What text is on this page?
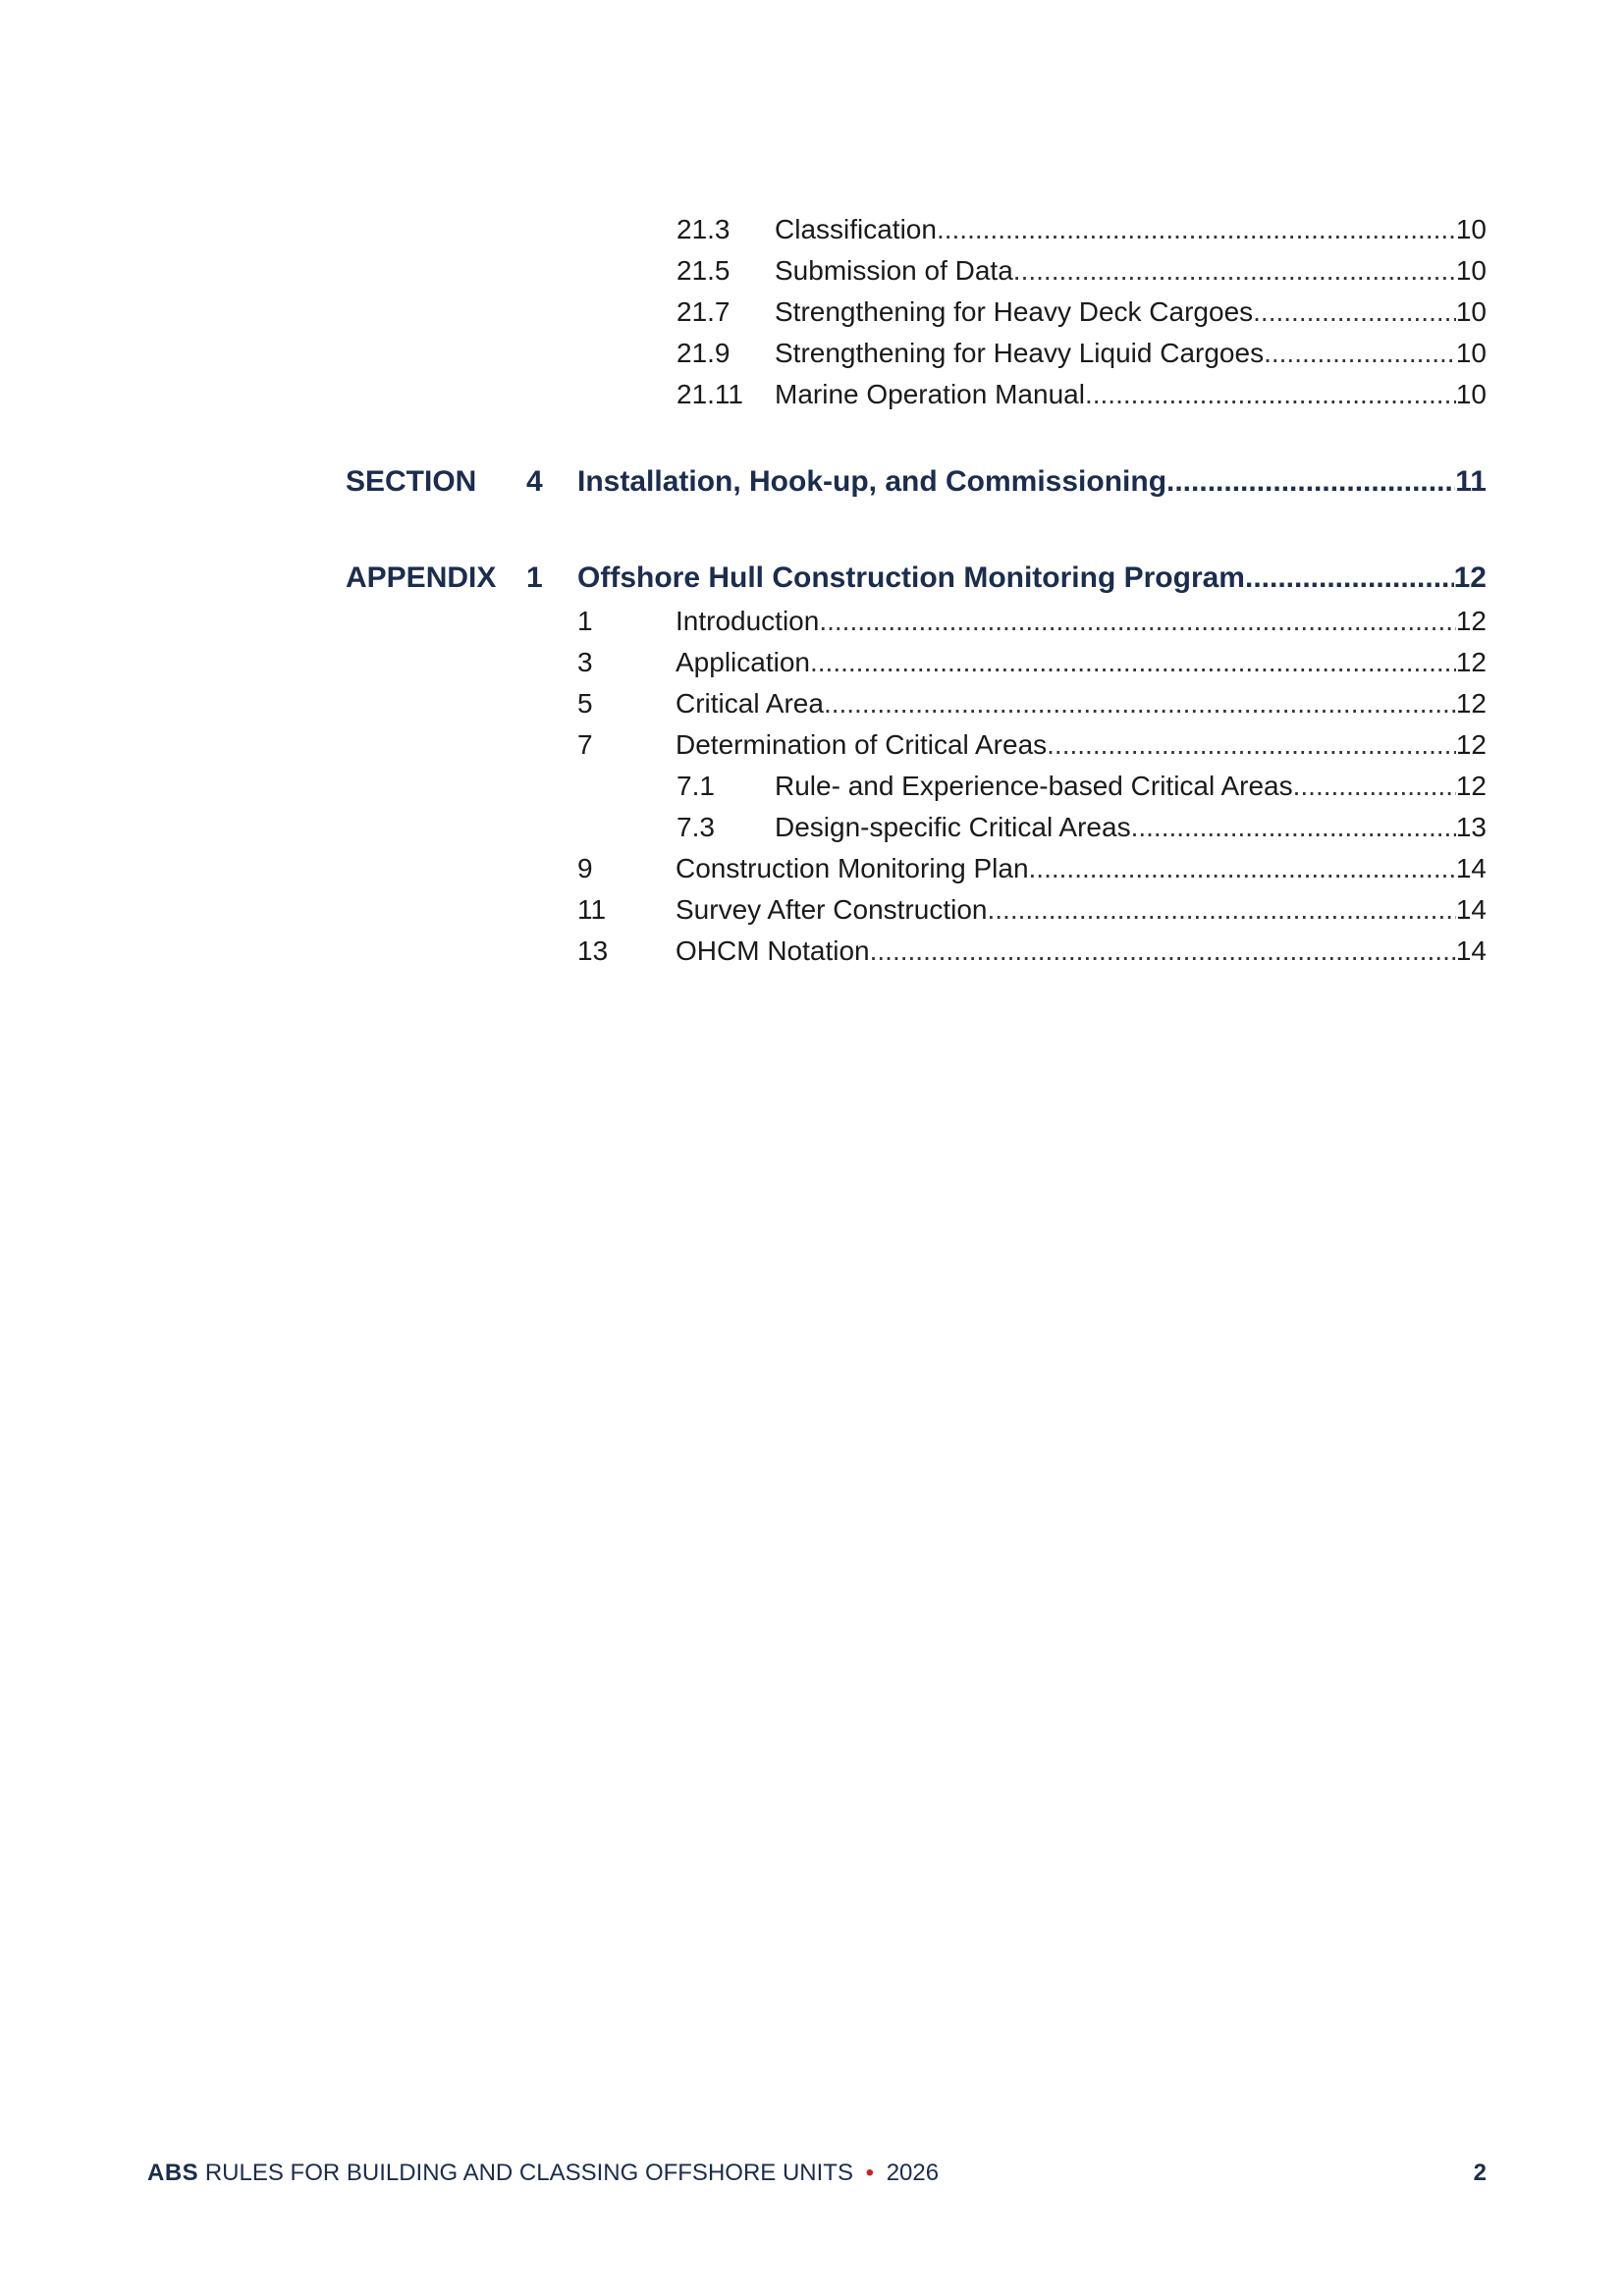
21.3	Classification .....	10
21.5	Submission of Data .....	10
21.7	Strengthening for Heavy Deck Cargoes .....	10
21.9	Strengthening for Heavy Liquid Cargoes .....	10
21.11	Marine Operation Manual .....	10
SECTION	4	Installation, Hook-up, and Commissioning .....	11
APPENDIX	1	Offshore Hull Construction Monitoring Program .....	12
1	Introduction .....	12
3	Application .....	12
5	Critical Area .....	12
7	Determination of Critical Areas .....	12
7.1	Rule- and Experience-based Critical Areas .....	12
7.3	Design-specific Critical Areas .....	13
9	Construction Monitoring Plan .....	14
11	Survey After Construction .....	14
13	OHCM Notation .....	14
ABS RULES FOR BUILDING AND CLASSING OFFSHORE UNITS • 2026	2
